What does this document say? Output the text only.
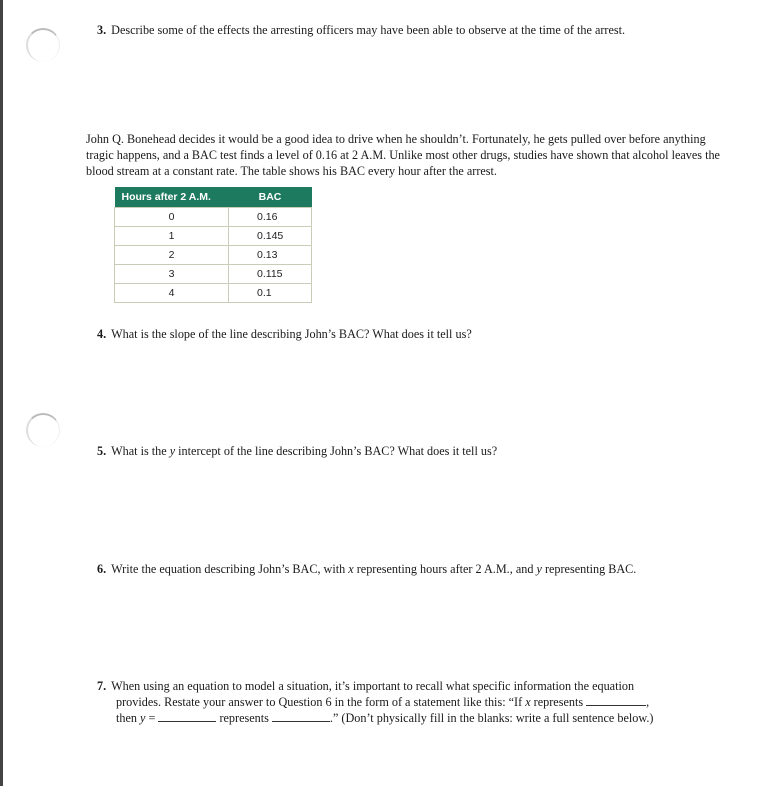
3. Describe some of the effects the arresting officers may have been able to observe at the time of the arrest.
John Q. Bonehead decides it would be a good idea to drive when he shouldn’t. Fortunately, he gets pulled over before anything tragic happens, and a BAC test finds a level of 0.16 at 2 A.M. Unlike most other drugs, studies have shown that alcohol leaves the blood stream at a constant rate. The table shows his BAC every hour after the arrest.
Hours after 2 A.M.	BAC
0	0.16
1	0.145
2	0.13
3	0.115
4	0.1
4. What is the slope of the line describing John’s BAC? What does it tell us?
5. What is the y intercept of the line describing John’s BAC? What does it tell us?
6. Write the equation describing John’s BAC, with x representing hours after 2 A.M., and y representing BAC.
7. When using an equation to model a situation, it’s important to recall what specific information the equation
provides. Restate your answer to Question 6 in the form of a statement like this: “If x represents	,
then y =	represents	.” (Don’t physically fill in the blanks: write a full sentence below.)
